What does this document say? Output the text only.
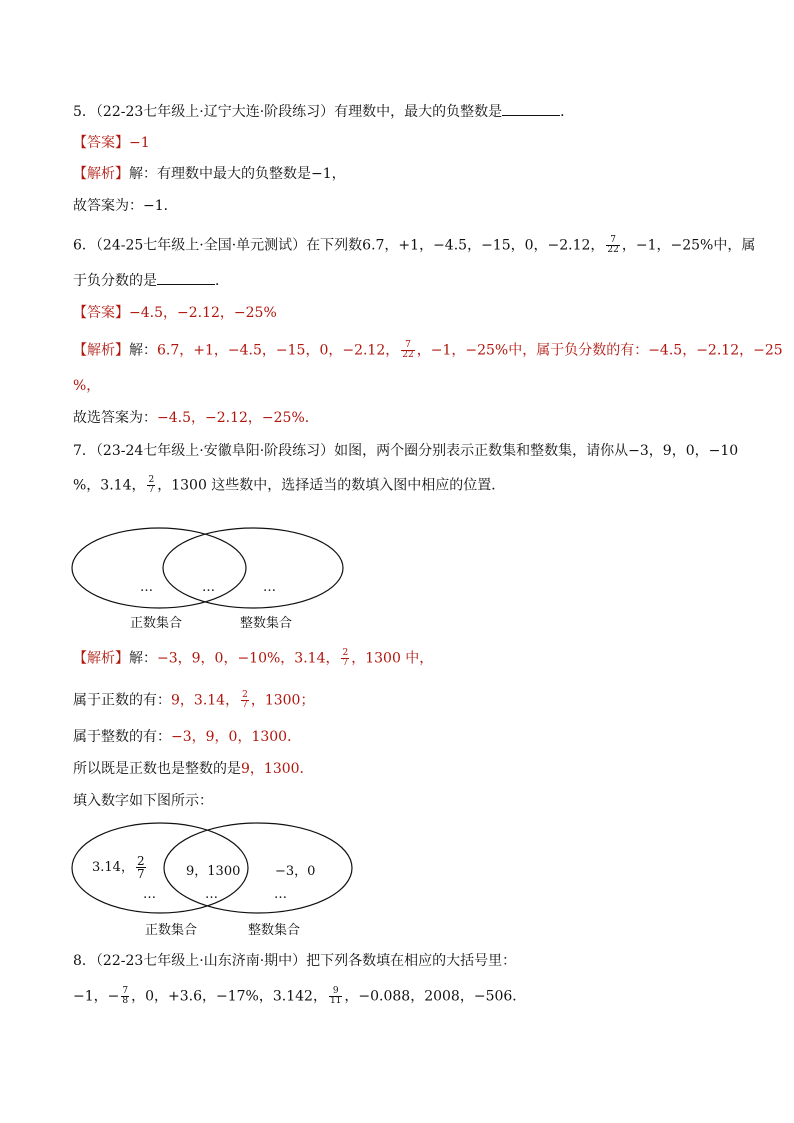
5．（22-23七年级上·辽宁大连·阶段练习）有理数中，最大的负整数是	．
【答案】−1
【解析】解：有理数中最大的负整数是−1，
故答案为：−1．
6．（24-25七年级上·全国·单元测试）在下列数6.7，+1，−4.5，−15，0，−2.12， $\frac{7}{22}$ ，−1，−25%中，属
于负分数的是	．
【答案】−4.5，−2.12，−25%
【解析】解：6.7，+1，−4.5，−15，0，−2.12， $\frac{7}{22}$ ，−1，−25%中，属于负分数的有：−4.5，−2.12，−25
%，
故选答案为：−4.5，−2.12，−25%．
7．（23-24七年级上·安徽阜阳·阶段练习）如图，两个圈分别表示正数集和整数集，请你从−3，9，0，−10
%，3.14， $\frac{2}{7}$ ，1300 这些数中，选择适当的数填入图中相应的位置．
…	…	…
正数集合	整数集合
【解析】解：−3，9，0，−10%，3.14， $\frac{2}{7}$ ，1300 中，
属于正数的有：9，3.14， $\frac{2}{7}$ ，1300；
属于整数的有：−3，9，0，1300．
所以既是正数也是整数的是9，1300．
填入数字如下图所示：
3.14， $\frac{2}{7}$	9，1300	−3，0
…	…	…
正数集合	整数集合
8．（22-23七年级上·山东济南·期中）把下列各数填在相应的大括号里：
−1，− $\frac{7}{8}$ ，0，+3.6，−17%，3.142， $\frac{9}{11}$ ，−0.088，2008，−506．
